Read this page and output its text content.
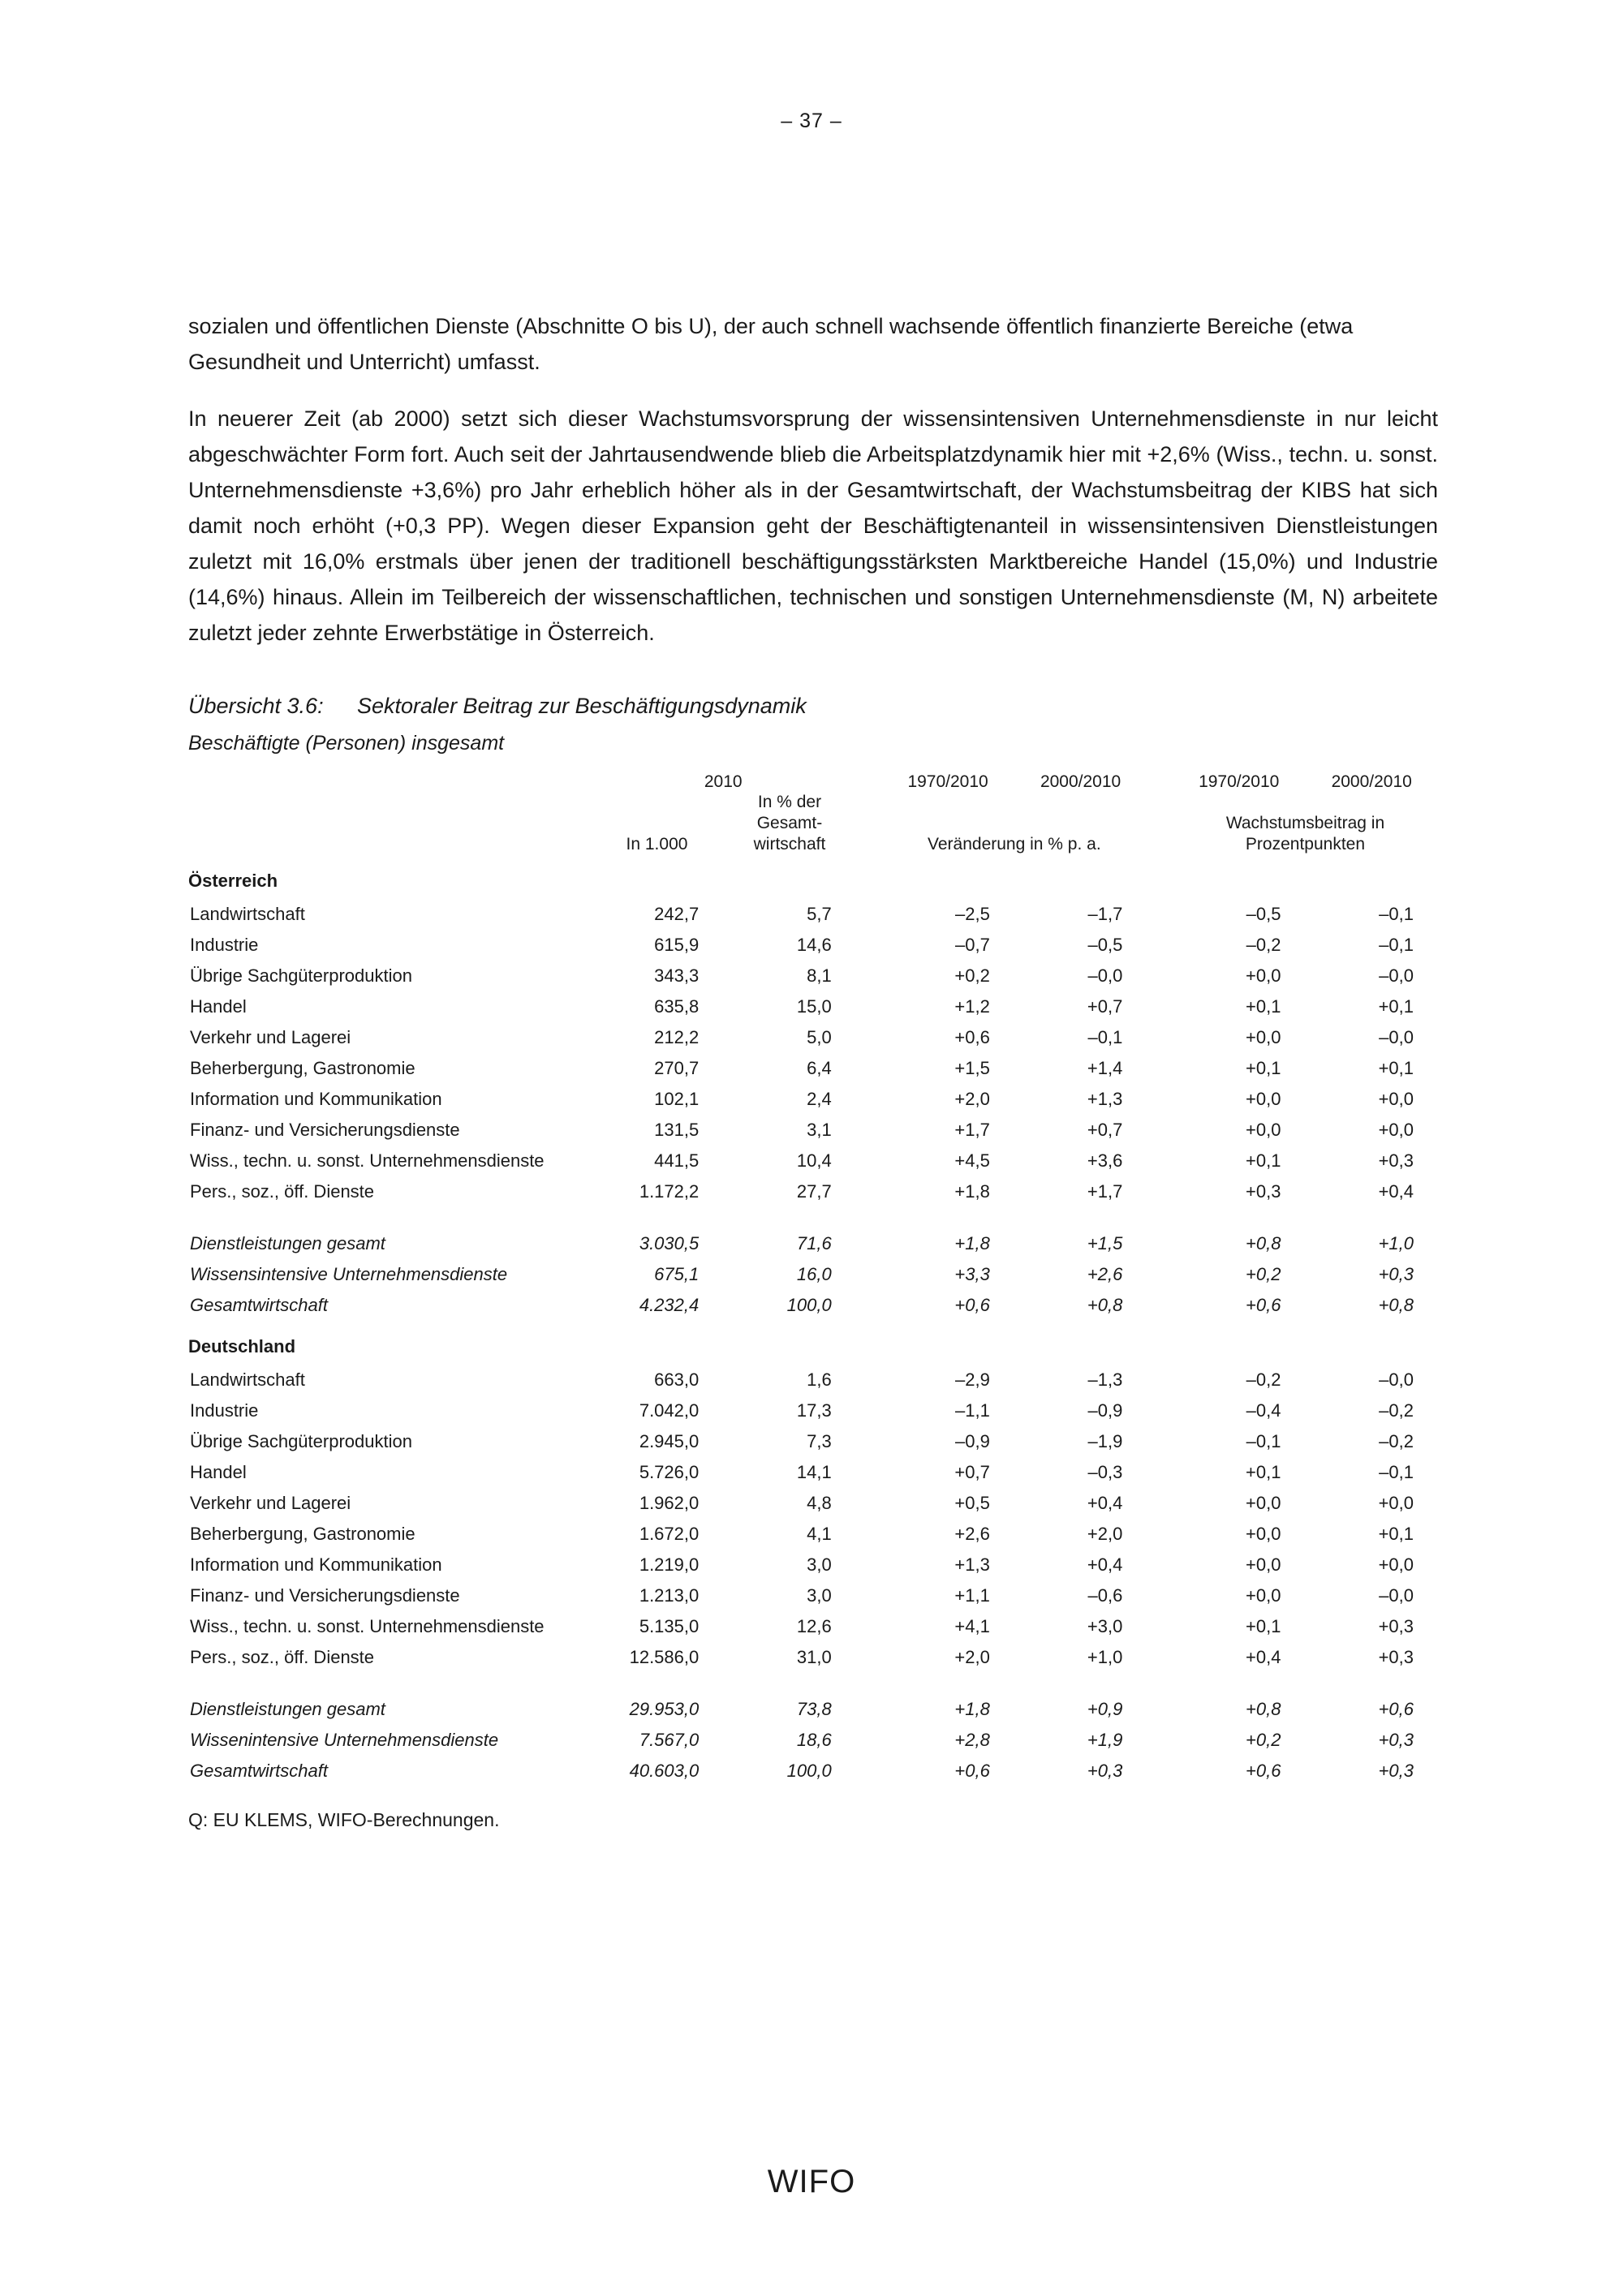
– 37 –

sozialen und öffentlichen Dienste (Abschnitte O bis U), der auch schnell wachsende öffentlich finanzierte Bereiche (etwa Gesundheit und Unterricht) umfasst.

In neuerer Zeit (ab 2000) setzt sich dieser Wachstumsvorsprung der wissensintensiven Unternehmensdienste in nur leicht abgeschwächter Form fort. Auch seit der Jahrtausendwende blieb die Arbeitsplatzdynamik hier mit +2,6% (Wiss., techn. u. sonst. Unternehmensdienste +3,6%) pro Jahr erheblich höher als in der Gesamtwirtschaft, der Wachstumsbeitrag der KIBS hat sich damit noch erhöht (+0,3 PP). Wegen dieser Expansion geht der Beschäftigtenanteil in wissensintensiven Dienstleistungen zuletzt mit 16,0% erstmals über jenen der traditionell beschäftigungsstärksten Marktbereiche Handel (15,0%) und Industrie (14,6%) hinaus. Allein im Teilbereich der wissenschaftlichen, technischen und sonstigen Unternehmensdienste (M, N) arbeitete zuletzt jeder zehnte Erwerbstätige in Österreich.

Übersicht 3.6: Sektoraler Beitrag zur Beschäftigungsdynamik
Beschäftigte (Personen) insgesamt
	2010			1970/2010	2000/2010		1970/2010	2000/2010
	In 1.000	In % der
Gesamt-
wirtschaft		Veränderung in % p. a.			Wachstumsbeitrag in
Prozentpunkten	
Österreich								
Landwirtschaft	242,7	5,7		–2,5	–1,7		–0,5	–0,1
Industrie	615,9	14,6		–0,7	–0,5		–0,2	–0,1
Übrige Sachgüterproduktion	343,3	8,1		+0,2	–0,0		+0,0	–0,0
Handel	635,8	15,0		+1,2	+0,7		+0,1	+0,1
Verkehr und Lagerei	212,2	5,0		+0,6	–0,1		+0,0	–0,0
Beherbergung, Gastronomie	270,7	6,4		+1,5	+1,4		+0,1	+0,1
Information und Kommunikation	102,1	2,4		+2,0	+1,3		+0,0	+0,0
Finanz- und Versicherungsdienste	131,5	3,1		+1,7	+0,7		+0,0	+0,0
Wiss., techn. u. sonst. Unternehmensdienste	441,5	10,4		+4,5	+3,6		+0,1	+0,3
Pers., soz., öff. Dienste	1.172,2	27,7		+1,8	+1,7		+0,3	+0,4

Dienstleistungen gesamt	3.030,5	71,6		+1,8	+1,5		+0,8	+1,0
Wissensintensive Unternehmensdienste	675,1	16,0		+3,3	+2,6		+0,2	+0,3
Gesamtwirtschaft	4.232,4	100,0		+0,6	+0,8		+0,6	+0,8
Deutschland								
Landwirtschaft	663,0	1,6		–2,9	–1,3		–0,2	–0,0
Industrie	7.042,0	17,3		–1,1	–0,9		–0,4	–0,2
Übrige Sachgüterproduktion	2.945,0	7,3		–0,9	–1,9		–0,1	–0,2
Handel	5.726,0	14,1		+0,7	–0,3		+0,1	–0,1
Verkehr und Lagerei	1.962,0	4,8		+0,5	+0,4		+0,0	+0,0
Beherbergung, Gastronomie	1.672,0	4,1		+2,6	+2,0		+0,0	+0,1
Information und Kommunikation	1.219,0	3,0		+1,3	+0,4		+0,0	+0,0
Finanz- und Versicherungsdienste	1.213,0	3,0		+1,1	–0,6		+0,0	–0,0
Wiss., techn. u. sonst. Unternehmensdienste	5.135,0	12,6		+4,1	+3,0		+0,1	+0,3
Pers., soz., öff. Dienste	12.586,0	31,0		+2,0	+1,0		+0,4	+0,3

Dienstleistungen gesamt	29.953,0	73,8		+1,8	+0,9		+0,8	+0,6
Wissenintensive Unternehmensdienste	7.567,0	18,6		+2,8	+1,9		+0,2	+0,3
Gesamtwirtschaft	40.603,0	100,0		+0,6	+0,3		+0,6	+0,3
Q: EU KLEMS, WIFO-Berechnungen.
WIFO
